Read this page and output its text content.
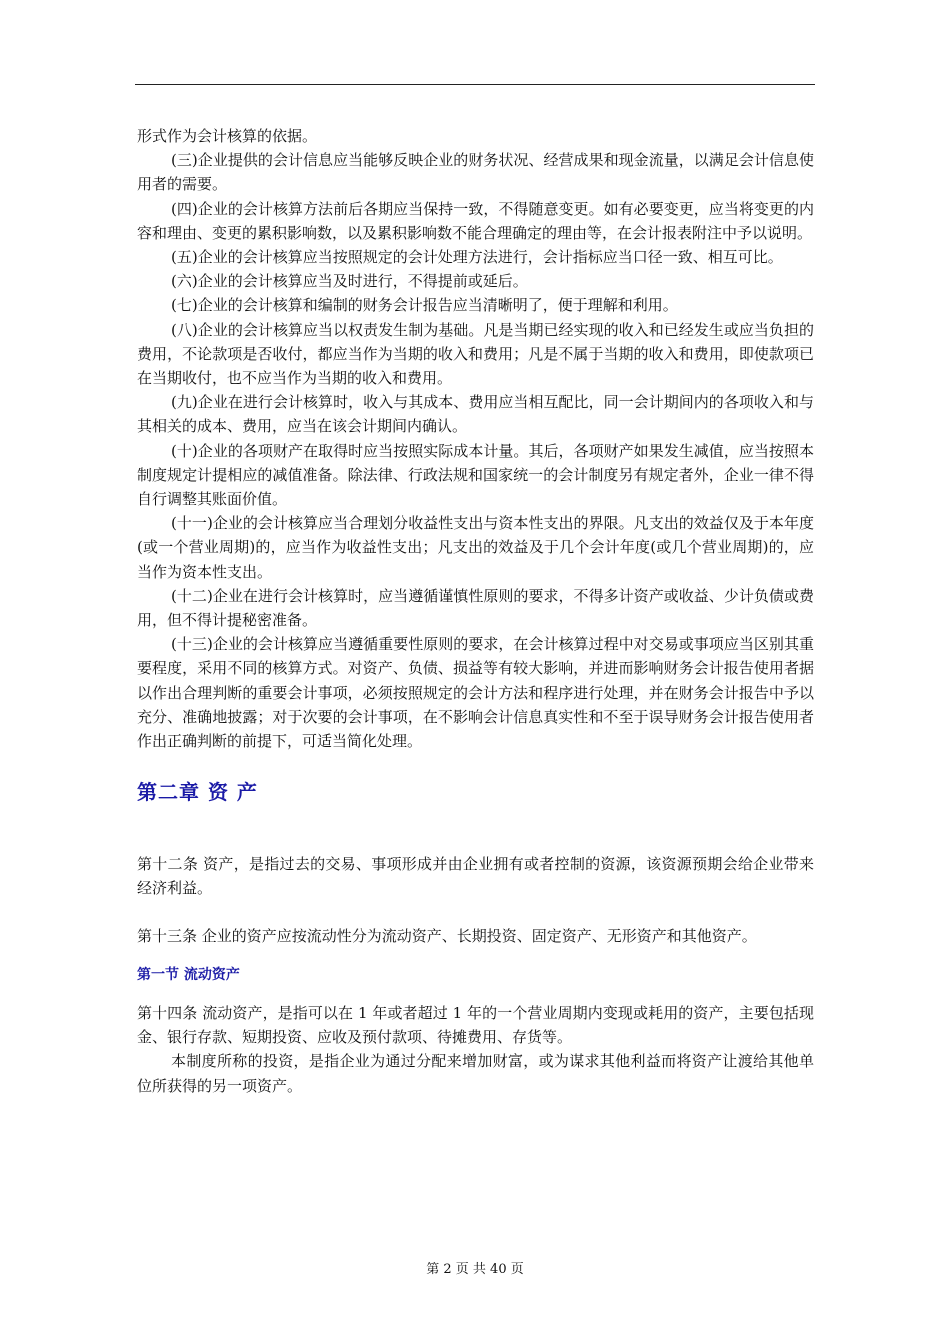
形式作为会计核算的依据。

(三)企业提供的会计信息应当能够反映企业的财务状况、经营成果和现金流量，以满足会计信息使用者的需要。

(四)企业的会计核算方法前后各期应当保持一致，不得随意变更。如有必要变更，应当将变更的内容和理由、变更的累积影响数，以及累积影响数不能合理确定的理由等，在会计报表附注中予以说明。

(五)企业的会计核算应当按照规定的会计处理方法进行，会计指标应当口径一致、相互可比。

(六)企业的会计核算应当及时进行，不得提前或延后。

(七)企业的会计核算和编制的财务会计报告应当清晰明了，便于理解和利用。

(八)企业的会计核算应当以权责发生制为基础。凡是当期已经实现的收入和已经发生或应当负担的费用，不论款项是否收付，都应当作为当期的收入和费用；凡是不属于当期的收入和费用，即使款项已在当期收付，也不应当作为当期的收入和费用。

(九)企业在进行会计核算时，收入与其成本、费用应当相互配比，同一会计期间内的各项收入和与其相关的成本、费用，应当在该会计期间内确认。

(十)企业的各项财产在取得时应当按照实际成本计量。其后，各项财产如果发生减值，应当按照本制度规定计提相应的减值准备。除法律、行政法规和国家统一的会计制度另有规定者外，企业一律不得自行调整其账面价值。

(十一)企业的会计核算应当合理划分收益性支出与资本性支出的界限。凡支出的效益仅及于本年度(或一个营业周期)的，应当作为收益性支出；凡支出的效益及于几个会计年度(或几个营业周期)的，应当作为资本性支出。

(十二)企业在进行会计核算时，应当遵循谨慎性原则的要求，不得多计资产或收益、少计负债或费用，但不得计提秘密准备。

(十三)企业的会计核算应当遵循重要性原则的要求，在会计核算过程中对交易或事项应当区别其重要程度，采用不同的核算方式。对资产、负债、损益等有较大影响，并进而影响财务会计报告使用者据以作出合理判断的重要会计事项，必须按照规定的会计方法和程序进行处理，并在财务会计报告中予以充分、准确地披露；对于次要的会计事项，在不影响会计信息真实性和不至于误导财务会计报告使用者作出正确判断的前提下，可适当简化处理。

第二章 资 产

第十二条 资产，是指过去的交易、事项形成并由企业拥有或者控制的资源，该资源预期会给企业带来经济利益。

第十三条 企业的资产应按流动性分为流动资产、长期投资、固定资产、无形资产和其他资产。

第一节 流动资产

第十四条 流动资产，是指可以在 1 年或者超过 1 年的一个营业周期内变现或耗用的资产，主要包括现金、银行存款、短期投资、应收及预付款项、待摊费用、存货等。

本制度所称的投资，是指企业为通过分配来增加财富，或为谋求其他利益而将资产让渡给其他单位所获得的另一项资产。

第 2 页 共 40 页
